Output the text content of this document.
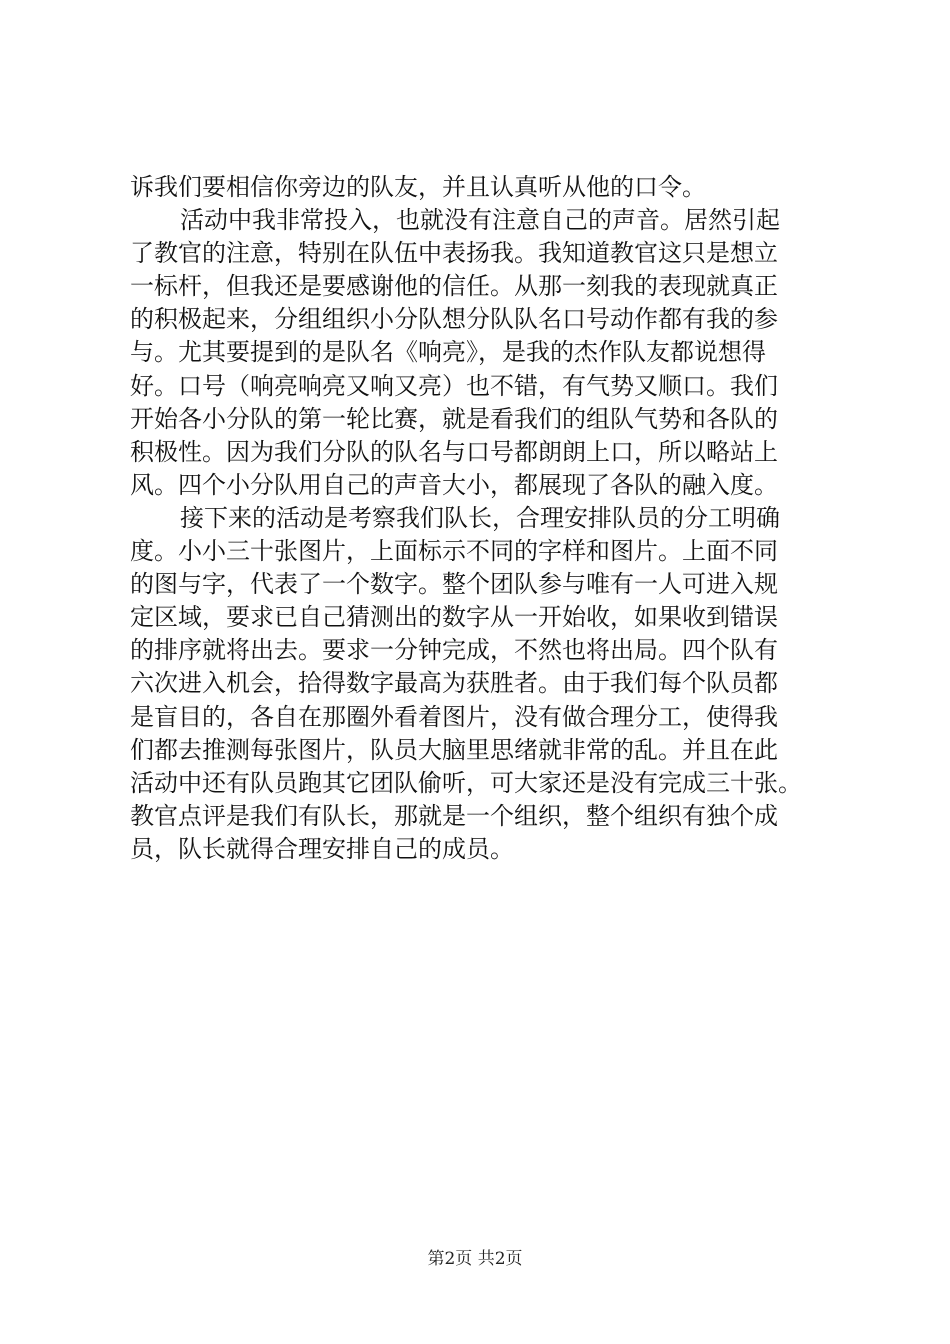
诉我们要相信你旁边的队友，并且认真听从他的口令。
活动中我非常投入，也就没有注意自己的声音。居然引起
了教官的注意，特别在队伍中表扬我。我知道教官这只是想立
一标杆，但我还是要感谢他的信任。从那一刻我的表现就真正
的积极起来，分组组织小分队想分队队名口号动作都有我的参
与。尤其要提到的是队名《响亮》，是我的杰作队友都说想得
好。口号（响亮响亮又响又亮）也不错，有气势又顺口。我们
开始各小分队的第一轮比赛，就是看我们的组队气势和各队的
积极性。因为我们分队的队名与口号都朗朗上口，所以略站上
风。四个小分队用自己的声音大小，都展现了各队的融入度。
接下来的活动是考察我们队长，合理安排队员的分工明确
度。小小三十张图片，上面标示不同的字样和图片。上面不同
的图与字，代表了一个数字。整个团队参与唯有一人可进入规
定区域，要求已自己猜测出的数字从一开始收，如果收到错误
的排序就将出去。要求一分钟完成，不然也将出局。四个队有
六次进入机会，拾得数字最高为获胜者。由于我们每个队员都
是盲目的，各自在那圈外看着图片，没有做合理分工，使得我
们都去推测每张图片，队员大脑里思绪就非常的乱。并且在此
活动中还有队员跑其它团队偷听，可大家还是没有完成三十张。
教官点评是我们有队长，那就是一个组织，整个组织有独个成
员，队长就得合理安排自己的成员。
第2页 共2页
